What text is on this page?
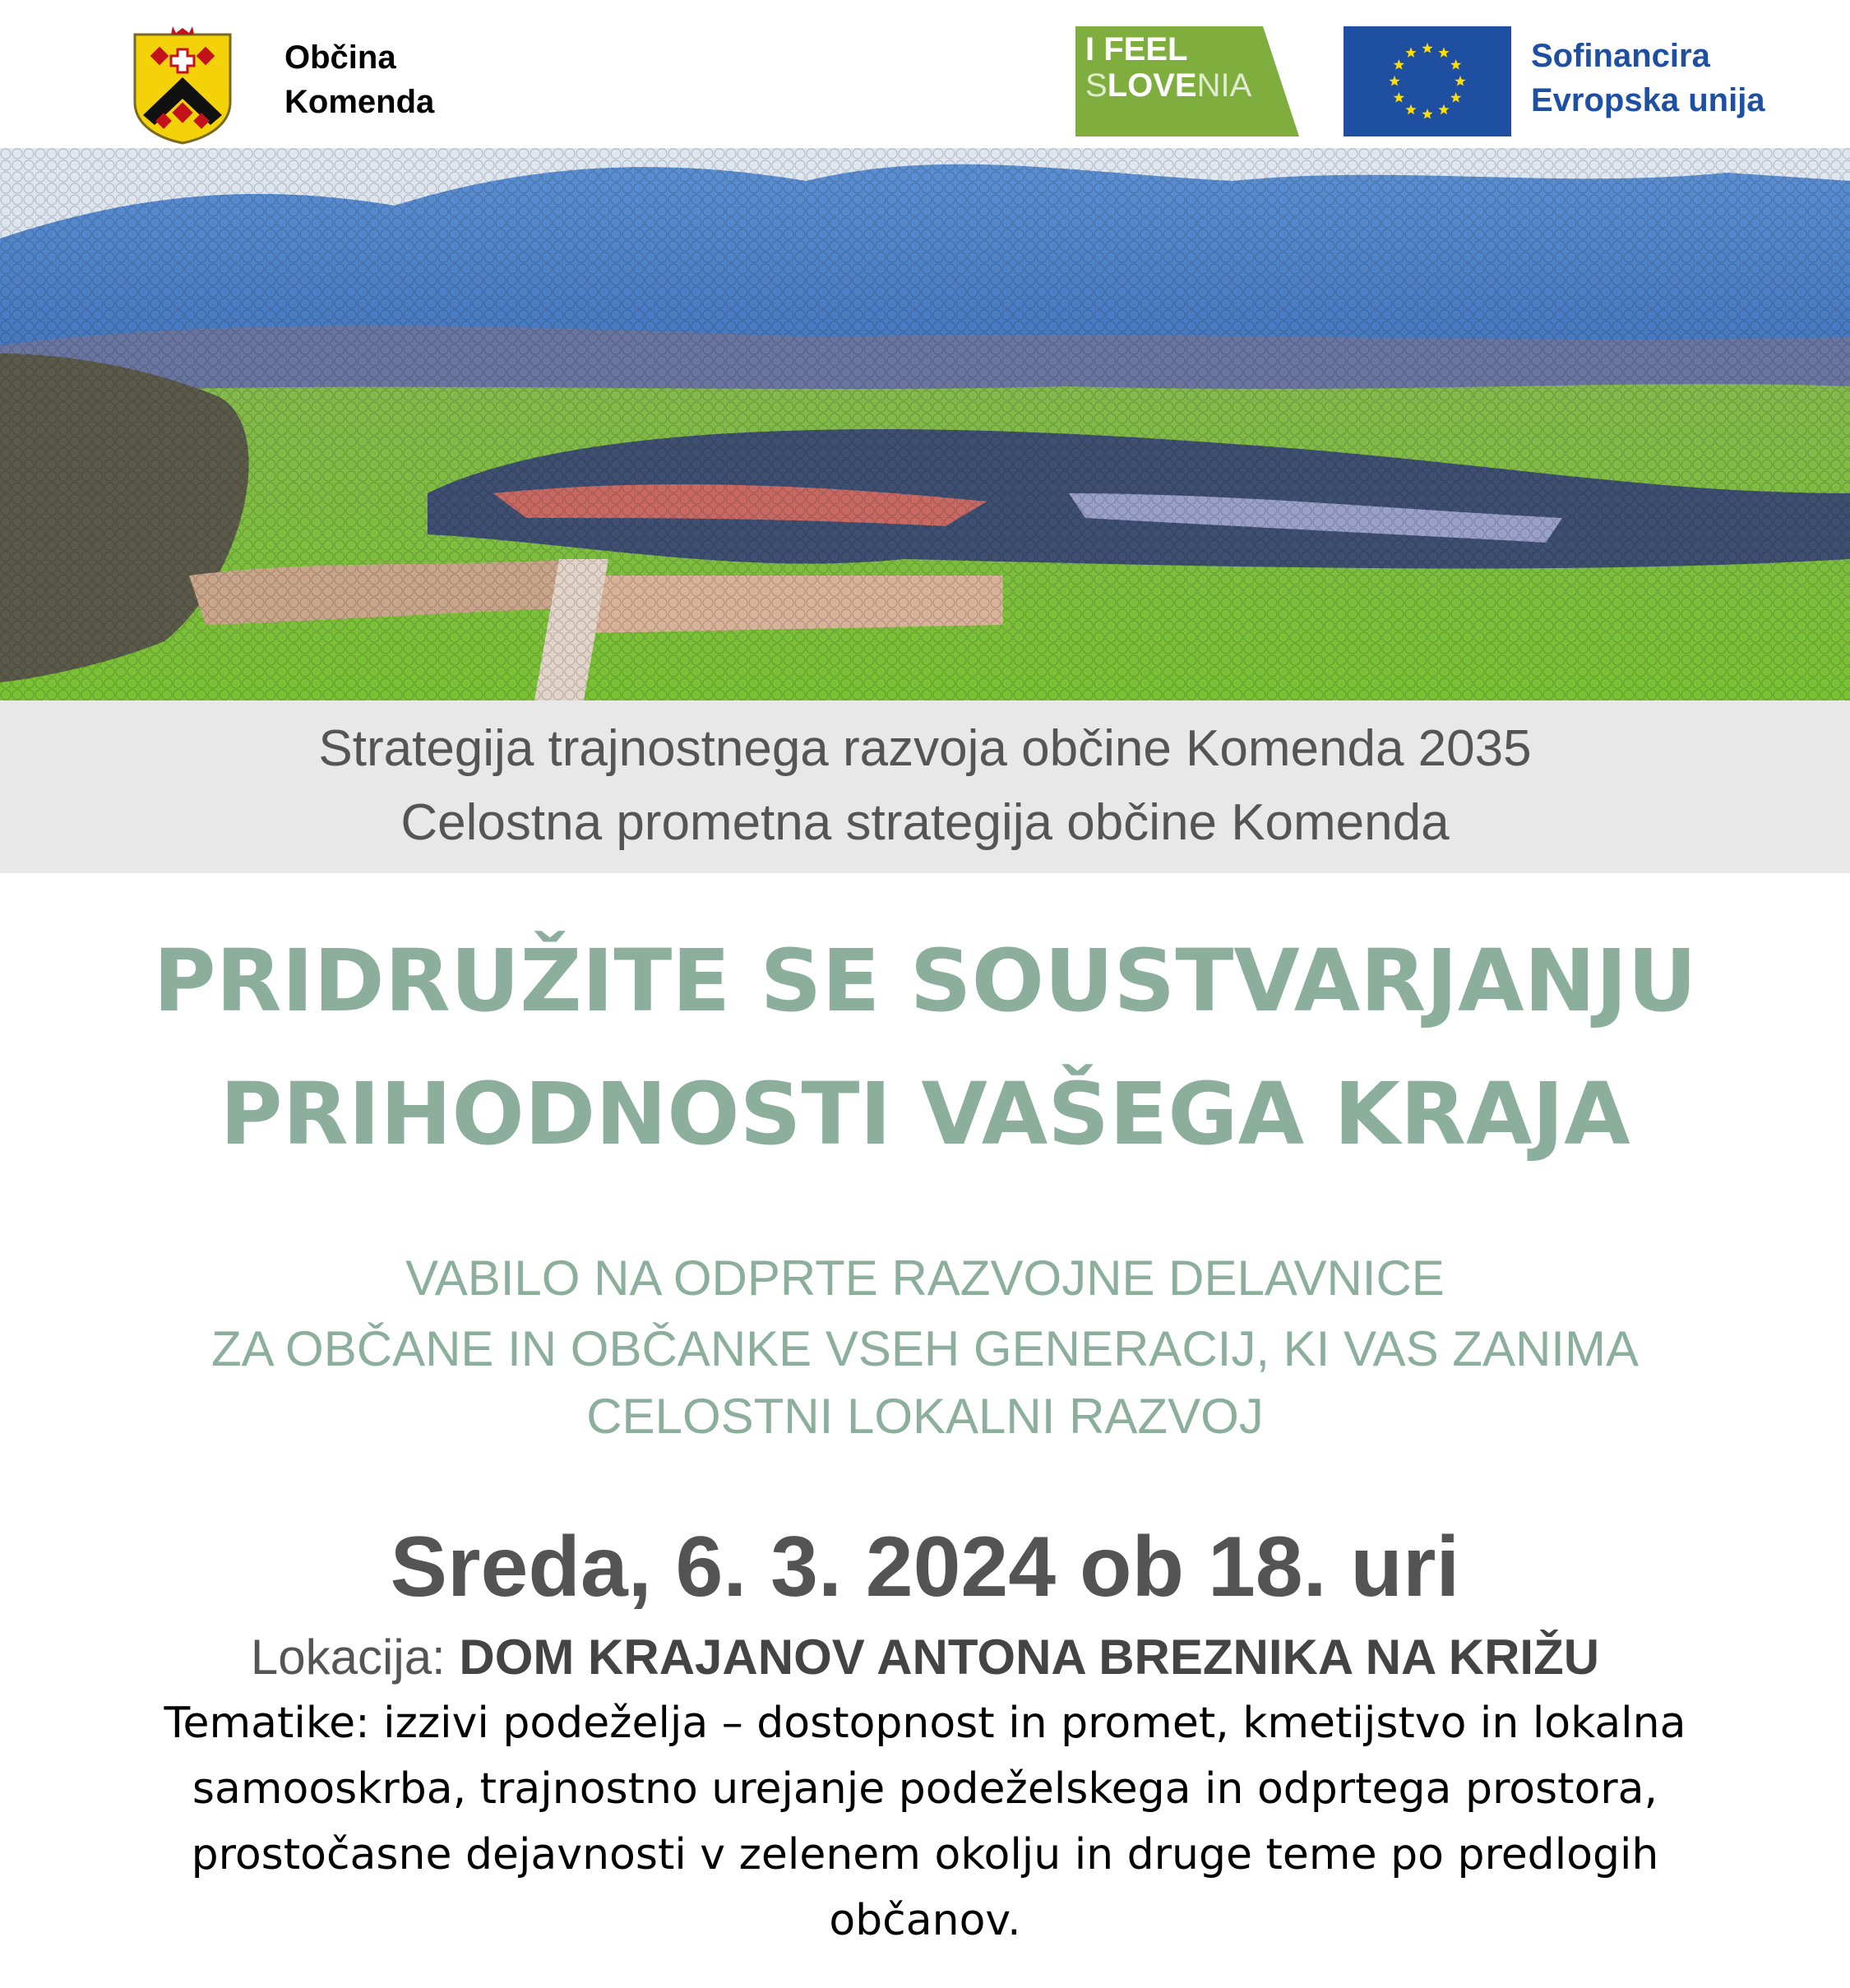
Občina
Komenda
I FEEL
SLOVENIA
Sofinancira
Evropska unija
Strategija trajnostnega razvoja občine Komenda 2035
Celostna prometna strategija občine Komenda
PRIDRUŽITE SE SOUSTVARJANJU
PRIHODNOSTI VAŠEGA KRAJA
VABILO NA ODPRTE RAZVOJNE DELAVNICE
ZA OBČANE IN OBČANKE VSEH GENERACIJ, KI VAS ZANIMA
CELOSTNI LOKALNI RAZVOJ
Sreda, 6. 3. 2024 ob 18. uri
Lokacija: DOM KRAJANOV ANTONA BREZNIKA NA KRIŽU
Tematike: izzivi podeželja – dostopnost in promet, kmetijstvo in lokalna
samooskrba, trajnostno urejanje podeželskega in odprtega prostora,
prostočasne dejavnosti v zelenem okolju in druge teme po predlogih
občanov.
